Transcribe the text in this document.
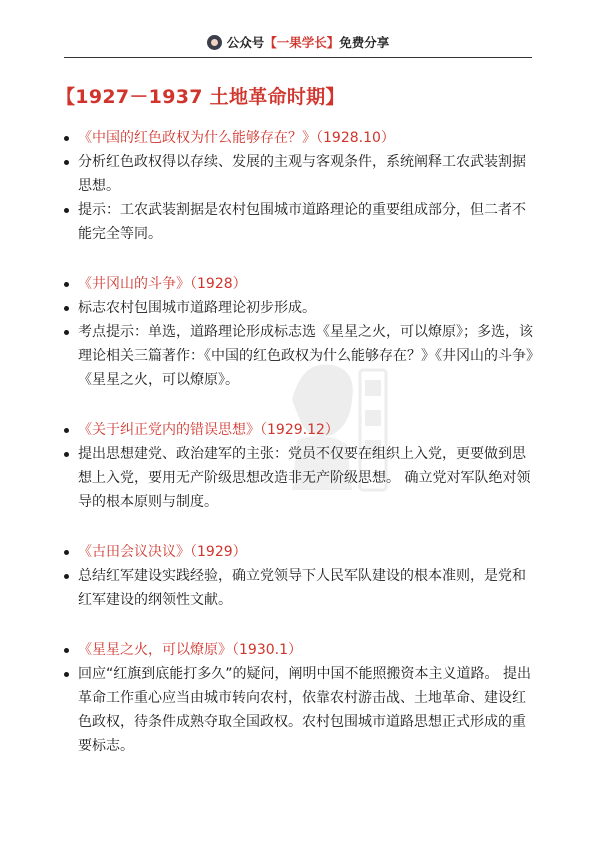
公众号 【一果学长】 免费分享
【1927－1937 土地革命时期】
《中国的红色政权为什么能够存在？》（1928.10）
分析红色政权得以存续、发展的主观与客观条件，系统阐释工农武装割据思想。
提示：工农武装割据是农村包围城市道路理论的重要组成部分，但二者不能完全等同。
《井冈山的斗争》（1928）
标志农村包围城市道路理论初步形成。
考点提示：单选，道路理论形成标志选《星星之火，可以燎原》；多选，该理论相关三篇著作：《中国的红色政权为什么能够存在？》《井冈山的斗争》《星星之火，可以燎原》。
《关于纠正党内的错误思想》（1929.12）
提出思想建党、政治建军的主张：党员不仅要在组织上入党，更要做到思想上入党，要用无产阶级思想改造非无产阶级思想。 确立党对军队绝对领导的根本原则与制度。
《古田会议决议》（1929）
总结红军建设实践经验，确立党领导下人民军队建设的根本准则，是党和红军建设的纲领性文献。
《星星之火，可以燎原》（1930.1）
回应“红旗到底能打多久”的疑问，阐明中国不能照搬资本主义道路。 提出革命工作重心应当由城市转向农村，依靠农村游击战、土地革命、建设红色政权，待条件成熟夺取全国政权。农村包围城市道路思想正式形成的重要标志。
